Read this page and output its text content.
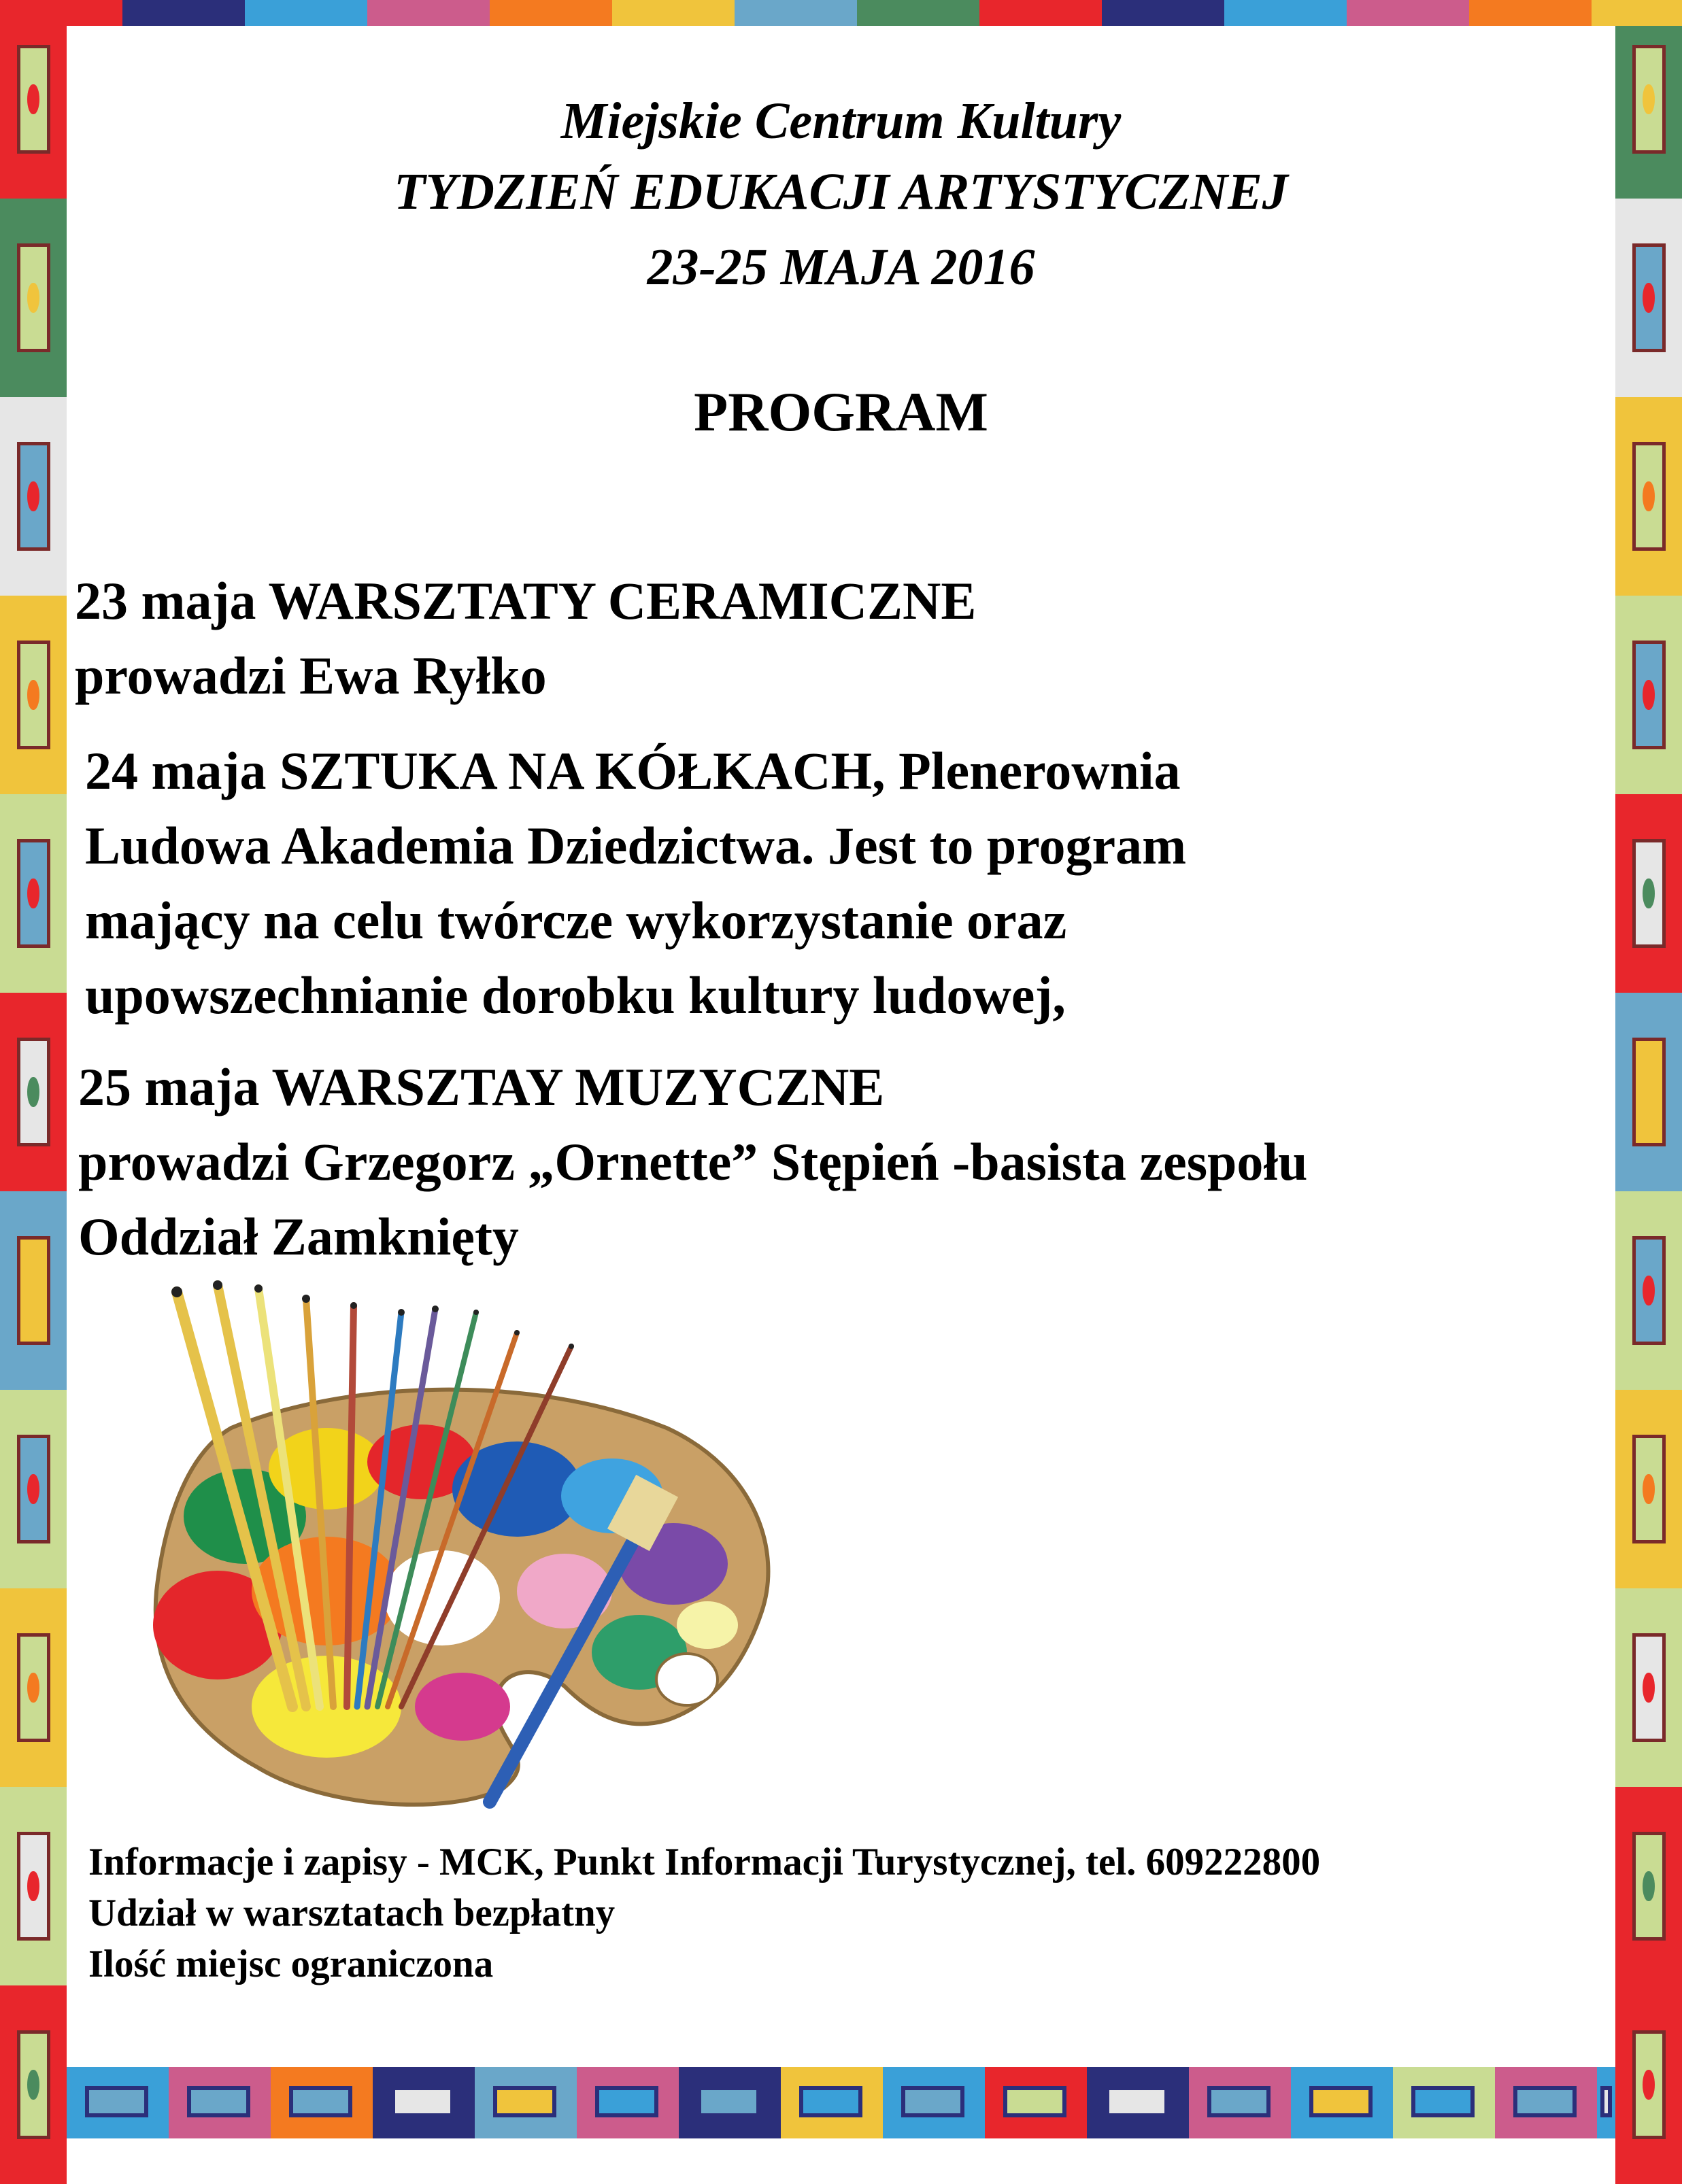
Miejskie Centrum Kultury
TYDZIEŃ EDUKACJI ARTYSTYCZNEJ
23-25 MAJA 2016
PROGRAM
23 maja WARSZTATY CERAMICZNE
prowadzi Ewa Ryłko
24 maja SZTUKA NA KÓŁKACH, Plenerownia
Ludowa Akademia Dziedzictwa. Jest to program
mający na celu twórcze wykorzystanie oraz
upowszechnianie dorobku kultury ludowej,
25 maja WARSZTAY MUZYCZNE
prowadzi Grzegorz „Ornette” Stępień -basista zespołu
Oddział Zamknięty
Informacje i zapisy - MCK, Punkt Informacji Turystycznej, tel. 609222800
Udział w warsztatach bezpłatny
Ilość miejsc ograniczona
